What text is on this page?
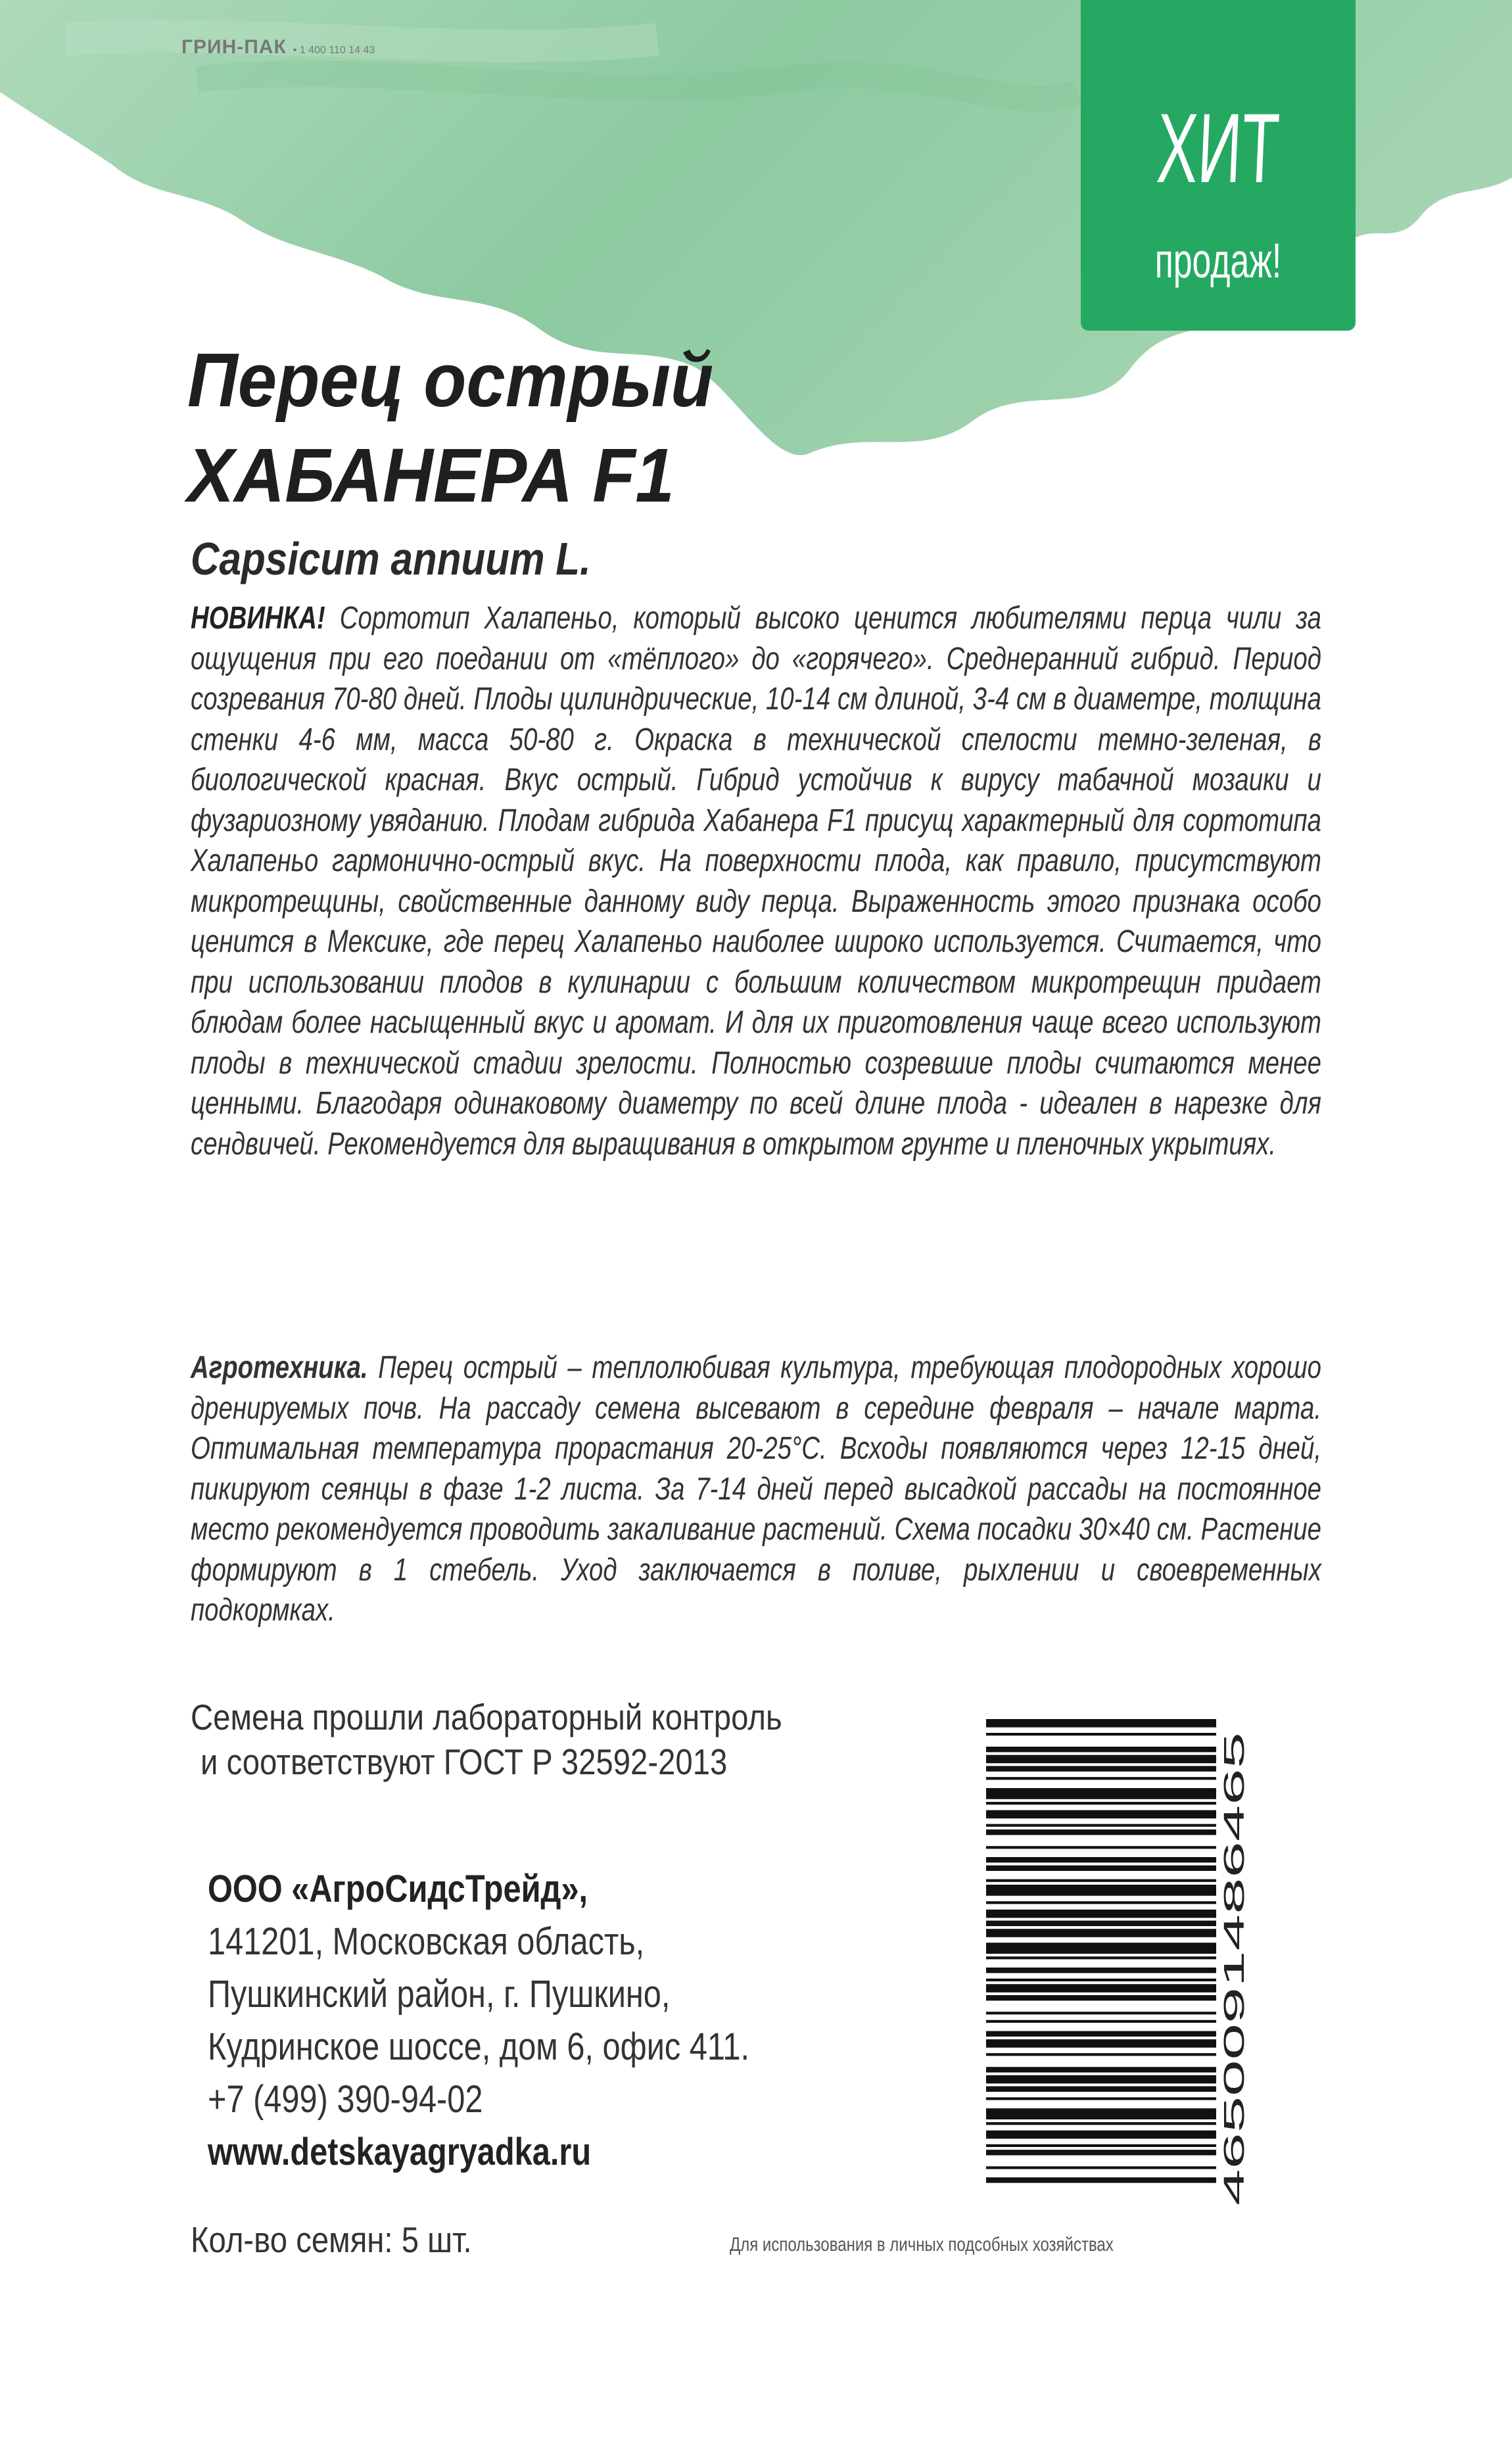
ГРИН-ПАК • 1 400 110 14 43
ХИТ
продаж!
Перец острый
ХАБАНЕРА F1
Capsicum annuum L.
НОВИНКА! Сортотип Халапеньо, который высоко ценится любителями перца чили за ощущения при его поедании от «тёплого» до «горячего». Среднеранний гибрид. Период созревания 70-80 дней. Плоды цилиндрические, 10-14 см длиной, 3-4 см в диаметре, толщина стенки 4-6 мм, масса 50-80 г. Окраска в технической спелости темно-зеленая, в биологической красная. Вкус острый. Гибрид устойчив к вирусу табачной мозаики и фузариозному увяданию. Плодам гибрида Хабанера F1 присущ характерный для сортотипа Халапеньо гармонично-острый вкус. На поверхности плода, как правило, присутствуют микротрещины, свойственные данному виду перца. Выраженность этого признака особо ценится в Мексике, где перец Халапеньо наиболее широко используется. Считается, что при использовании плодов в кулинарии с большим количеством микротрещин придает блюдам более насыщенный вкус и аромат. И для их приготовления чаще всего используют плоды в технической стадии зрелости. Полностью созревшие плоды считаются менее ценными. Благодаря одинаковому диаметру по всей длине плода - идеален в нарезке для сендвичей. Рекомендуется для выращивания в открытом грунте и пленочных укрытиях.
Агротехника. Перец острый – теплолюбивая культура, требующая плодородных хорошо дренируемых почв. На рассаду семена высевают в середине февраля – начале марта. Оптимальная температура прорастания 20-25°С. Всходы появляются через 12-15 дней, пикируют сеянцы в фазе 1-2 листа. За 7-14 дней перед высадкой рассады на постоянное место рекомендуется проводить закаливание растений. Схема посадки 30×40 см. Растение формируют в 1 стебель. Уход заключается в поливе, рыхлении и своевременных подкормках.
Семена прошли лабораторный контроль
и соответствуют ГОСТ Р 32592-2013
ООО «АгроСидсТрейд»,
141201, Московская область,
Пушкинский район, г. Пушкино,
Кудринское шоссе, дом 6, офис 411.
+7 (499) 390-94-02
www.detskayagryadka.ru
Кол-во семян: 5 шт.	Для использования в личных подсобных хозяйствах
4650091486465
